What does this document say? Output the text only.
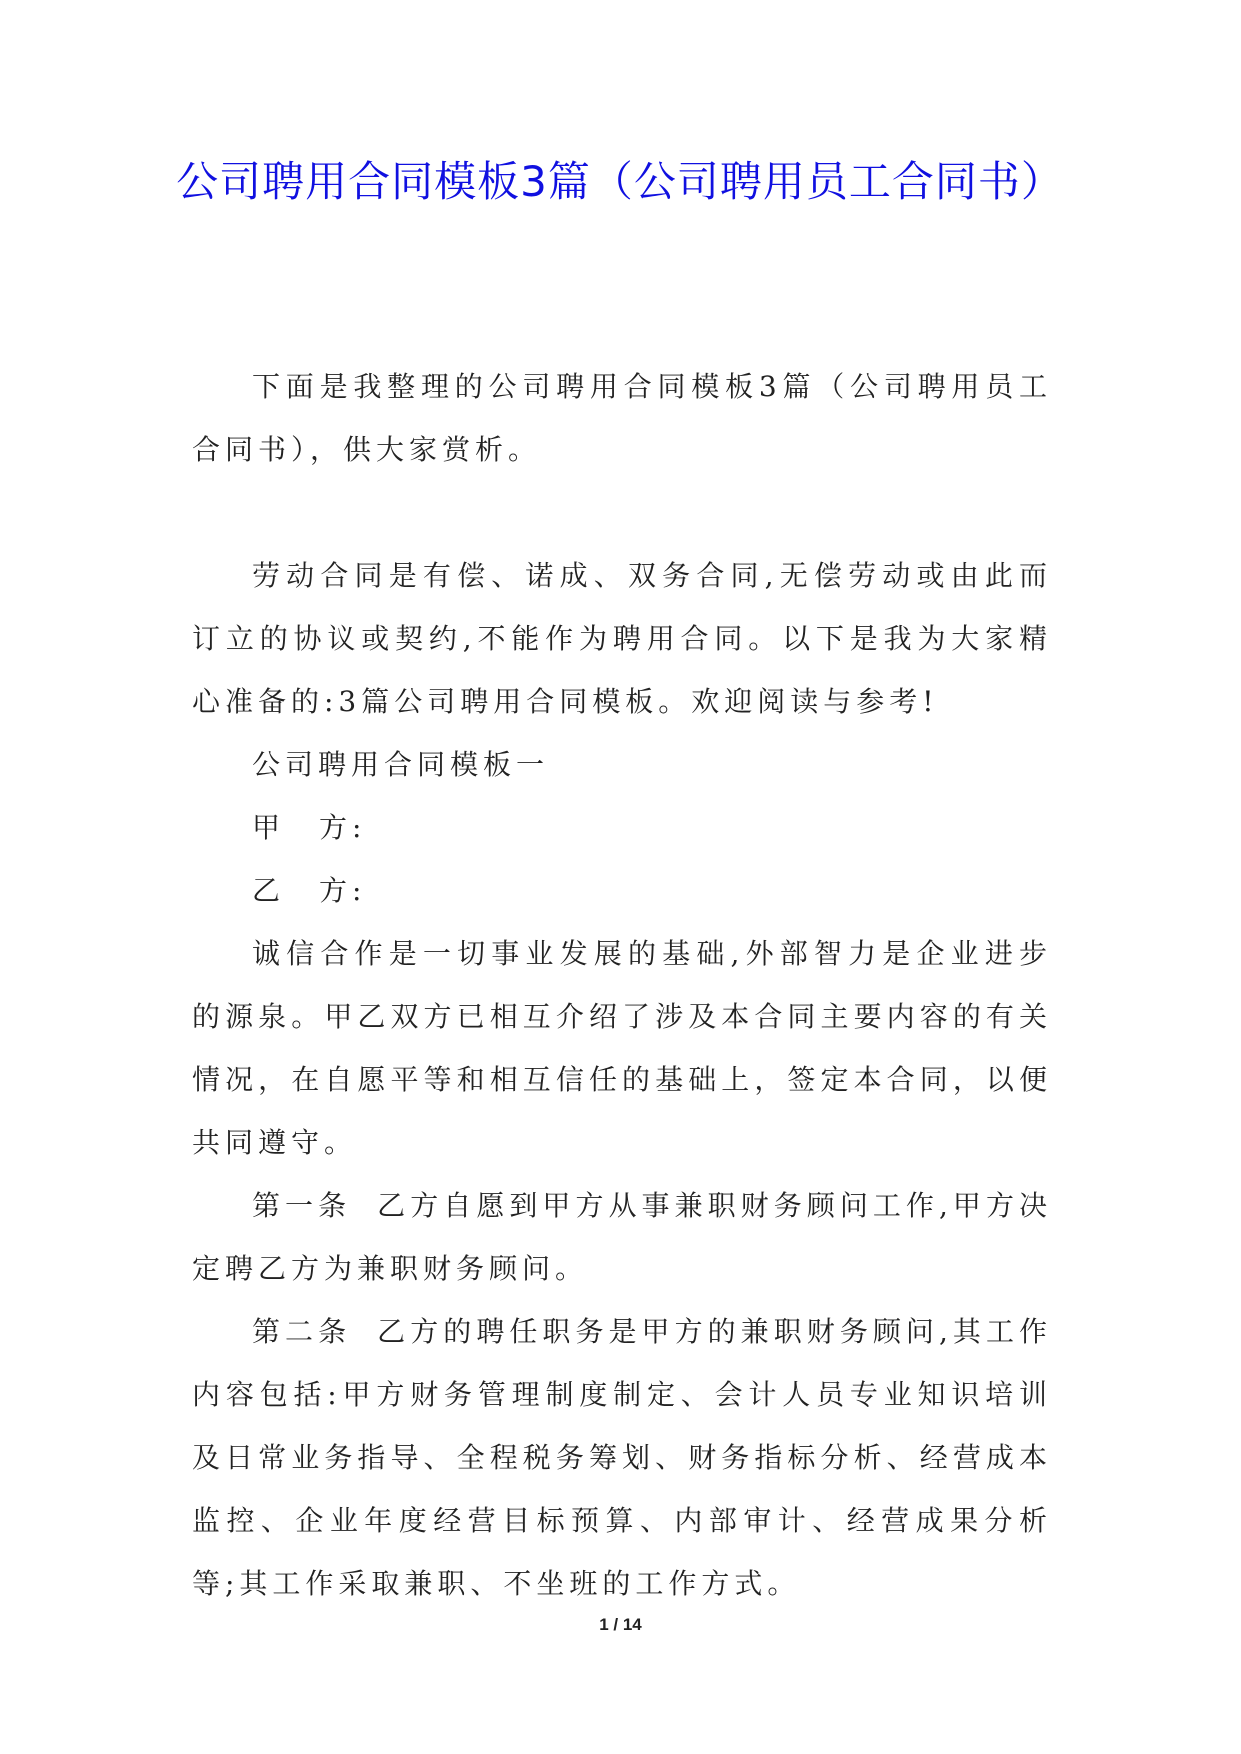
公司聘用合同模板3篇（公司聘用员工合同书）

下面是我整理的公司聘用合同模板3篇（公司聘用员工合同书），供大家赏析。

劳动合同是有偿、诺成、双务合同,无偿劳动或由此而订立的协议或契约,不能作为聘用合同。以下是我为大家精心准备的:3篇公司聘用合同模板。欢迎阅读与参考!

公司聘用合同模板一

甲 方:

乙 方:

诚信合作是一切事业发展的基础,外部智力是企业进步的源泉。甲乙双方已相互介绍了涉及本合同主要内容的有关情况，在自愿平等和相互信任的基础上，签定本合同，以便共同遵守。

第一条 乙方自愿到甲方从事兼职财务顾问工作,甲方决定聘乙方为兼职财务顾问。

第二条 乙方的聘任职务是甲方的兼职财务顾问,其工作内容包括:甲方财务管理制度制定、会计人员专业知识培训及日常业务指导、全程税务筹划、财务指标分析、经营成本监控、企业年度经营目标预算、内部审计、经营成果分析等;其工作采取兼职、不坐班的工作方式。

1 / 14
